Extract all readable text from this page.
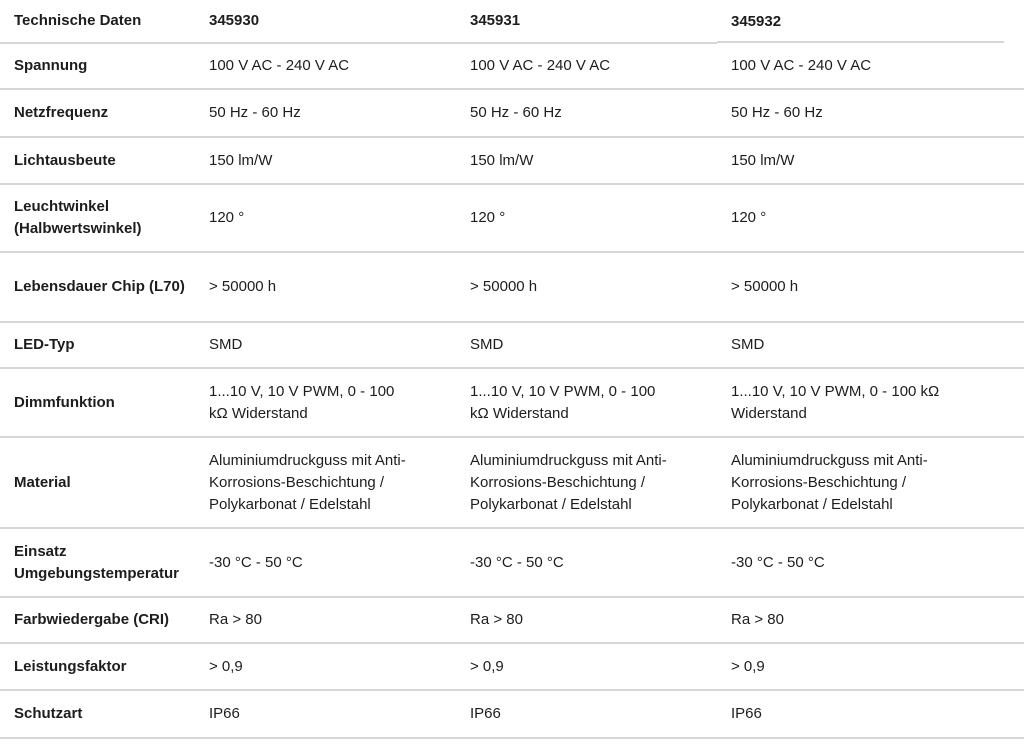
Technische Daten	345930	345931	345932
Spannung	100 V AC - 240 V AC	100 V AC - 240 V AC	100 V AC - 240 V AC
Netzfrequenz	50 Hz - 60 Hz	50 Hz - 60 Hz	50 Hz - 60 Hz
Lichtausbeute	150 lm/W	150 lm/W	150 lm/W
Leuchtwinkel (Halbwertswinkel)	120 °	120 °	120 °
Lebensdauer Chip (L70)	> 50000 h	> 50000 h	> 50000 h
LED-Typ	SMD	SMD	SMD
Dimmfunktion	1...10 V, 10 V PWM, 0 - 100 kΩ Widerstand	1...10 V, 10 V PWM, 0 - 100 kΩ Widerstand	1...10 V, 10 V PWM, 0 - 100 kΩ Widerstand
Material	Aluminiumdruckguss mit Anti-Korrosions-Beschichtung / Polykarbonat / Edelstahl	Aluminiumdruckguss mit Anti-Korrosions-Beschichtung / Polykarbonat / Edelstahl	Aluminiumdruckguss mit Anti-Korrosions-Beschichtung / Polykarbonat / Edelstahl
Einsatz Umgebungstemperatur	-30 °C - 50 °C	-30 °C - 50 °C	-30 °C - 50 °C
Farbwiedergabe (CRI)	Ra > 80	Ra > 80	Ra > 80
Leistungsfaktor	> 0,9	> 0,9	> 0,9
Schutzart	IP66	IP66	IP66
